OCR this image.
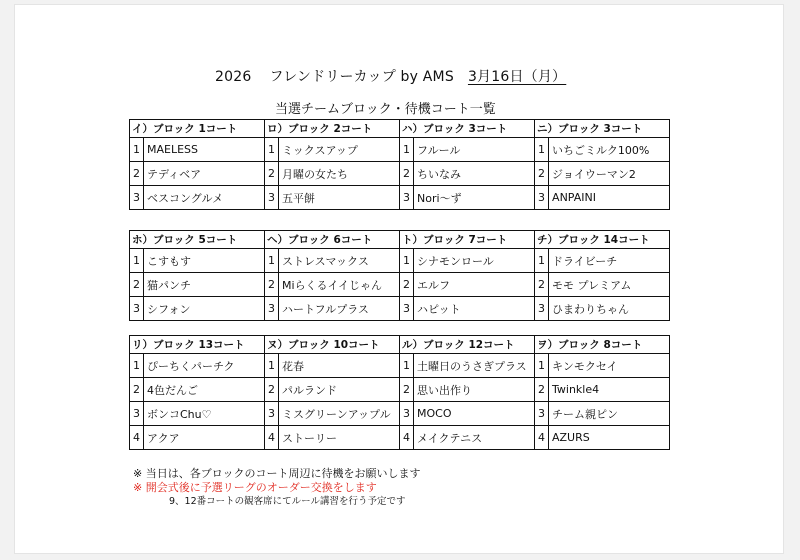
2026 フレンドリーカップ by AMS 3月16日（月）
当選チームブロック・待機コート一覧
イ）ブロック 1コート		ロ）ブロック 2コート		ハ）ブロック 3コート		ニ）ブロック 3コート	
1	MAELESS	1	ミックスアップ	1	フルール	1	いちごミルク100%
2	テディベア	2	月曜の女たち	2	ちいなみ	2	ジョイウーマン2
3	ベスコングルメ	3	五平餅	3	Nori〜ず	3	ANPAINI
ホ）ブロック 5コート		ヘ）ブロック 6コート		ト）ブロック 7コート		チ）ブロック 14コート	
1	こすもす	1	ストレスマックス	1	シナモンロール	1	ドライビーチ
2	猫パンチ	2	Miらくるイイじゃん	2	エルフ	2	モモ プレミアム
3	シフォン	3	ハートフルプラス	3	ハピット	3	ひまわりちゃん
リ）ブロック 13コート		ヌ）ブロック 10コート		ル）ブロック 12コート		ヲ）ブロック 8コート	
1	ぴーちくパーチク	1	花春	1	土曜日のうさぎプラス	1	キンモクセイ
2	4色だんご	2	パルランド	2	思い出作り	2	Twinkle4
3	ボンコChu♡	3	ミスグリーンアップル	3	MOCO	3	チーム親ピン
4	アクア	4	ストーリー	4	メイクテニス	4	AZURS
※ 当日は、各ブロックのコート周辺に待機をお願いします
※ 開会式後に予選リーグのオーダー交換をします
9、12番コートの観客席にてルール講習を行う予定です
